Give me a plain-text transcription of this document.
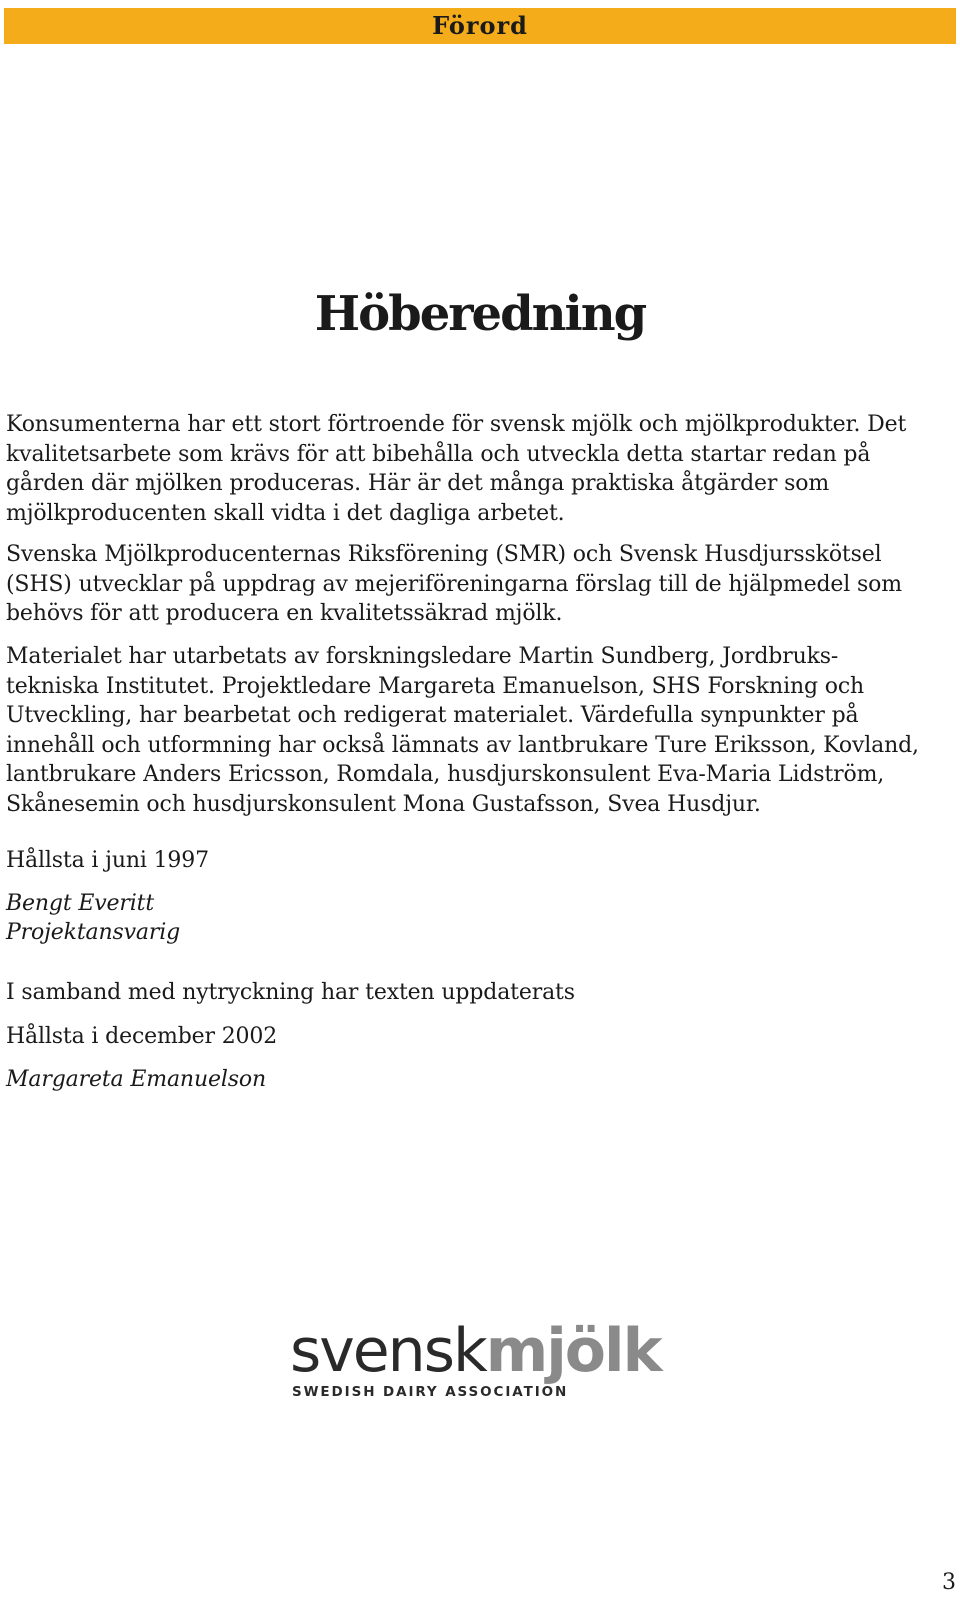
Förord
Höberedning

Konsumenterna har ett stort förtroende för svensk mjölk och mjölkprodukter. Det kvalitetsarbete som krävs för att bibehålla och utveckla detta startar redan på gården där mjölken produceras. Här är det många praktiska åtgärder som mjölkproducenten skall vidta i det dagliga arbetet.

Svenska Mjölkproducenternas Riksförening (SMR) och Svensk Husdjursskötsel (SHS) utvecklar på uppdrag av mejeriföreningarna förslag till de hjälpmedel som behövs för att producera en kvalitetssäkrad mjölk.

Materialet har utarbetats av forskningsledare Martin Sundberg, Jordbruks-
tekniska Institutet. Projektledare Margareta Emanuelson, SHS Forskning och Utveckling, har bearbetat och redigerat materialet. Värdefulla synpunkter på innehåll och utformning har också lämnats av lantbrukare Ture Eriksson, Kovland, lantbrukare Anders Ericsson, Romdala, husdjurskonsulent Eva-Maria Lidström, Skånesemin och husdjurskonsulent Mona Gustafsson, Svea Husdjur.

Hållsta i juni 1997

Bengt Everitt

Projektansvarig

I samband med nytryckning har texten uppdaterats

Hållsta i december 2002

Margareta Emanuelson

svenskmjölk
SWEDISH DAIRY ASSOCIATION
3
